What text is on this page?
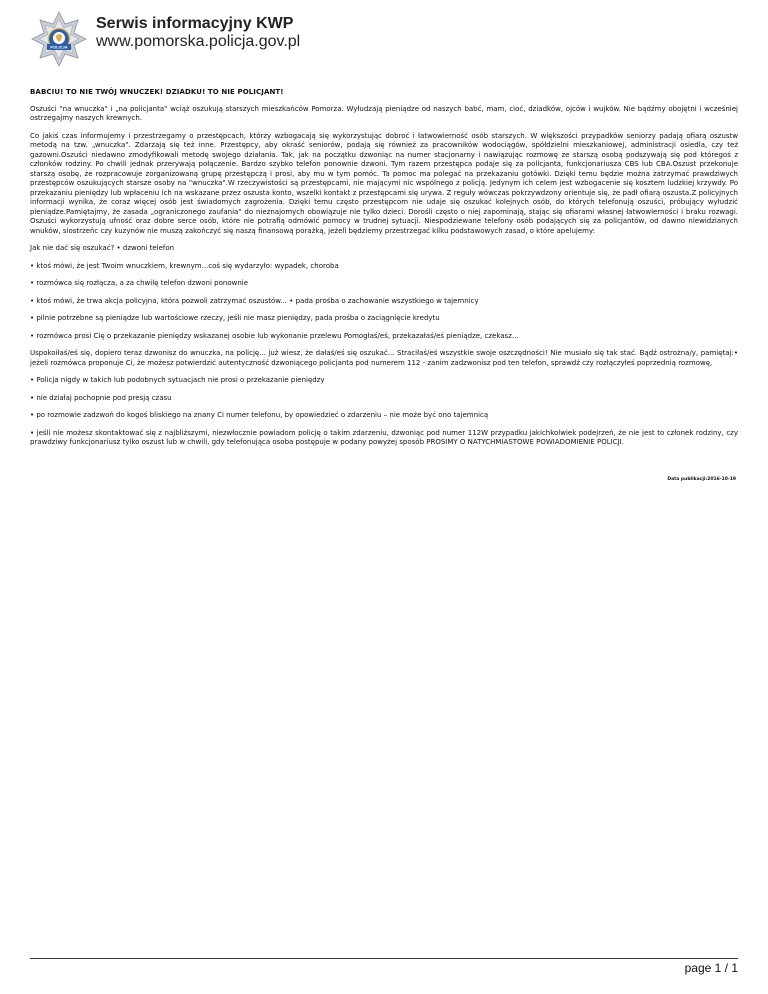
POLICJA
Serwis informacyjny KWP
www.pomorska.policja.gov.pl
BABCIU! TO NIE TWÓJ WNUCZEK! DZIADKU! TO NIE POLICJANT!
Oszuści "na wnuczka" i „na policjanta" wciąż oszukują starszych mieszkańców Pomorza. Wyłudzają pieniądze od naszych babć, mam, cioć, dziadków, ojców i wujków. Nie bądźmy obojętni i wcześniej ostrzegajmy naszych krewnych.
Co jakiś czas informujemy i przestrzegamy o przestępcach, którzy wzbogacają się wykorzystując dobroć i łatwowierność osób starszych. W większości przypadków seniorzy padają ofiarą oszustw metodą na tzw. „wnuczka". Zdarzają się też inne. Przestępcy, aby okraść seniorów, podają się również za pracowników wodociągów, spółdzielni mieszkaniowej, administracji osiedla, czy też gazowni.Oszuści niedawno zmodyfikowali metodę swojego działania. Tak, jak na początku dzwoniąc na numer stacjonarny i nawiązując rozmowę ze starszą osobą podszywają się pod któregoś z członków rodziny. Po chwili jednak przerywają połączenie. Bardzo szybko telefon ponownie dzwoni. Tym razem przestępca podaje się za policjanta, funkcjonariusza CBS lub CBA.Oszust przekonuje starszą osobę, że rozpracowuje zorganizowaną grupę przestępczą i prosi, aby mu w tym pomóc. Ta pomoc ma polegać na przekazaniu gotówki. Dzięki temu będzie można zatrzymać prawdziwych przestępców oszukujących starsze osoby na "wnuczka".W rzeczywistości są przestępcami, nie mającymi nic wspólnego z policją. Jedynym ich celem jest wzbogacenie się kosztem ludzkiej krzywdy. Po przekazaniu pieniędzy lub wpłaceniu ich na wskazane przez oszusta konto, wszelki kontakt z przestępcami się urywa. Z reguły wówczas pokrzywdzony orientuje się, że padł ofiarą oszusta.Z policyjnych informacji wynika, że coraz więcej osób jest świadomych zagrożenia. Dzięki temu często przestępcom nie udaje się oszukać kolejnych osób, do których telefonują oszuści, próbujący wyłudzić pieniądze.Pamiętajmy, że zasada „ograniczonego zaufania" do nieznajomych obowiązuje nie tylko dzieci. Dorośli często o niej zapominają, stając się ofiarami własnej łatwowierności i braku rozwagi. Oszuści wykorzystują ufność oraz dobre serce osób, które nie potrafią odmówić pomocy w trudnej sytuacji. Niespodziewane telefony osób podających się za policjantów, od dawno niewidzianych wnuków, siostrzeńc czy kuzynów nie muszą zakończyć się naszą finansową porażką, jeżeli będziemy przestrzegać kilku podstawowych zasad, o które apelujemy:
Jak nie dać się oszukać? • dzwoni telefon
• ktoś mówi, że jest Twoim wnuczkiem, krewnym...coś się wydarzyło: wypadek, choroba
• rozmówca się rozłącza, a za chwilę telefon dzwoni ponownie
• ktoś mówi, że trwa akcja policyjna, która pozwoli zatrzymać oszustów... • pada prośba o zachowanie wszystkiego w tajemnicy
• pilnie potrzebne są pieniądze lub wartościowe rzeczy, jeśli nie masz pieniędzy, pada prośba o zaciągnięcie kredytu
• rozmówca prosi Cię o przekazanie pieniędzy wskazanej osobie lub wykonanie przelewu Pomogłaś/eś, przekazałaś/eś pieniądze, czekasz...
Uspokoiłaś/eś się, dopiero teraz dzwonisz do wnuczka, na policję... już wiesz, że dałaś/eś się oszukać... Straciłaś/eś wszystkie swoje oszczędności! Nie musiało się tak stać. Bądź ostrożna/y, pamiętaj:• jeżeli rozmówca proponuje Ci, że możesz potwierdzić autentyczność dzwoniącego policjanta pod numerem 112 - zanim zadzwonisz pod ten telefon, sprawdź czy rozłączyłeś poprzednią rozmowę,
• Policja nigdy w takich lub podobnych sytuacjach nie prosi o przekazanie pieniędzy
• nie działaj pochopnie pod presją czasu
• po rozmowie zadzwoń do kogoś bliskiego na znany Ci numer telefonu, by opowiedzieć o zdarzeniu – nie może być ono tajemnicą
• jeśli nie możesz skontaktować się z najbliższymi, niezwłocznie powiadom policję o takim zdarzeniu, dzwoniąc pod numer 112W przypadku jakichkolwiek podejrzeń, że nie jest to członek rodziny, czy prawdziwy funkcjonariusz tylko oszust lub w chwili, gdy telefonująca osoba postępuje w podany powyżej sposób PROSIMY O NATYCHMIASTOWE POWIADOMIENIE POLICJI.
Data publikacji:2016-10-19
page 1 / 1
